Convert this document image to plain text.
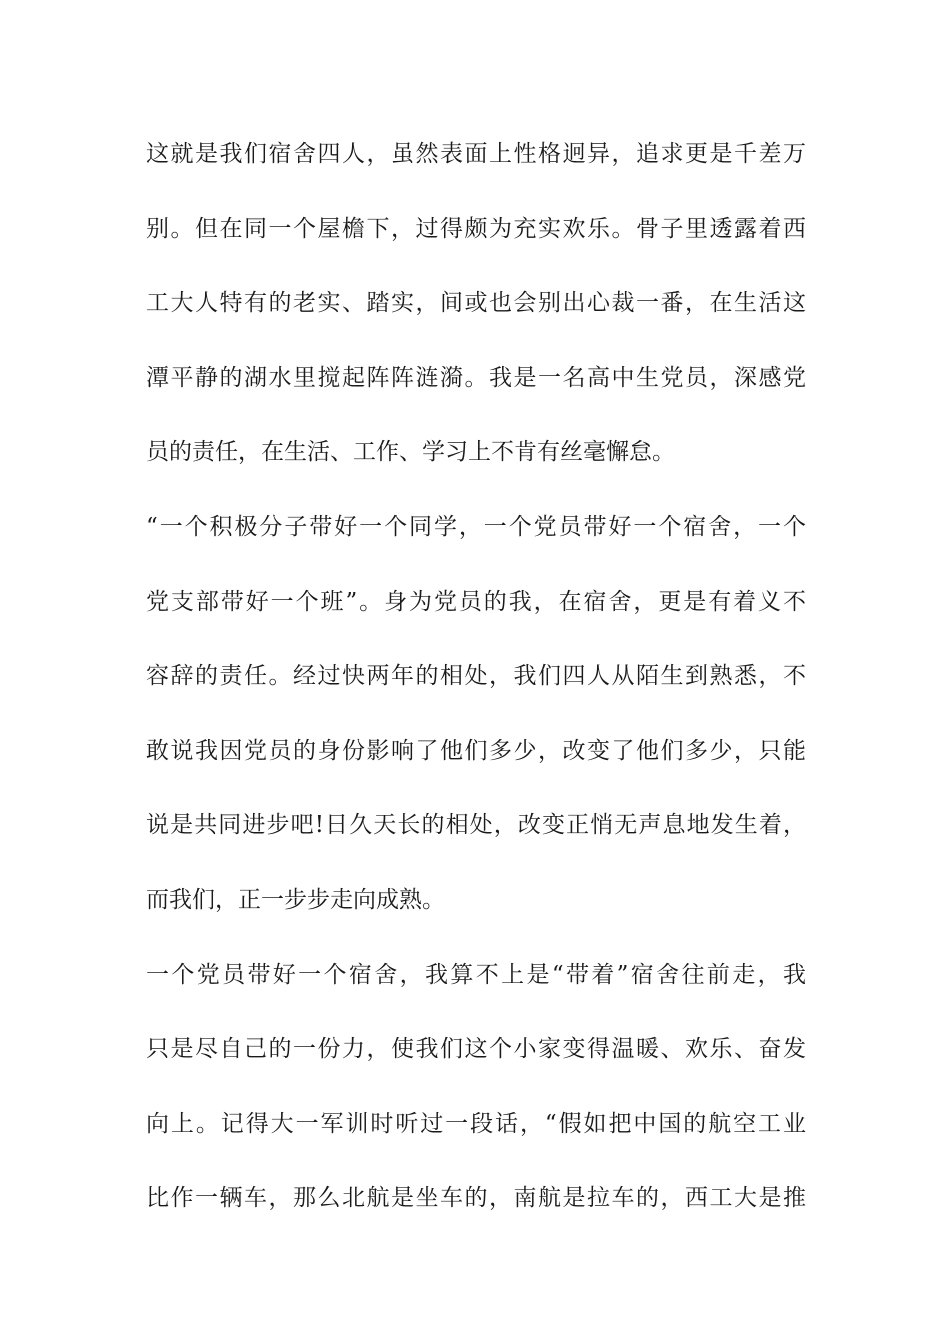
这就是我们宿舍四人，虽然表面上性格迥异，追求更是千差万
别。但在同一个屋檐下，过得颇为充实欢乐。骨子里透露着西
工大人特有的老实、踏实，间或也会别出心裁一番，在生活这
潭平静的湖水里搅起阵阵涟漪。我是一名高中生党员，深感党
员的责任，在生活、工作、学习上不肯有丝毫懈怠。
“一个积极分子带好一个同学，一个党员带好一个宿舍，一个
党支部带好一个班”。身为党员的我，在宿舍，更是有着义不
容辞的责任。经过快两年的相处，我们四人从陌生到熟悉，不
敢说我因党员的身份影响了他们多少，改变了他们多少，只能
说是共同进步吧!日久天长的相处，改变正悄无声息地发生着，
而我们，正一步步走向成熟。
一个党员带好一个宿舍，我算不上是“带着”宿舍往前走，我
只是尽自己的一份力，使我们这个小家变得温暖、欢乐、奋发
向上。记得大一军训时听过一段话，“假如把中国的航空工业
比作一辆车，那么北航是坐车的，南航是拉车的，西工大是推
